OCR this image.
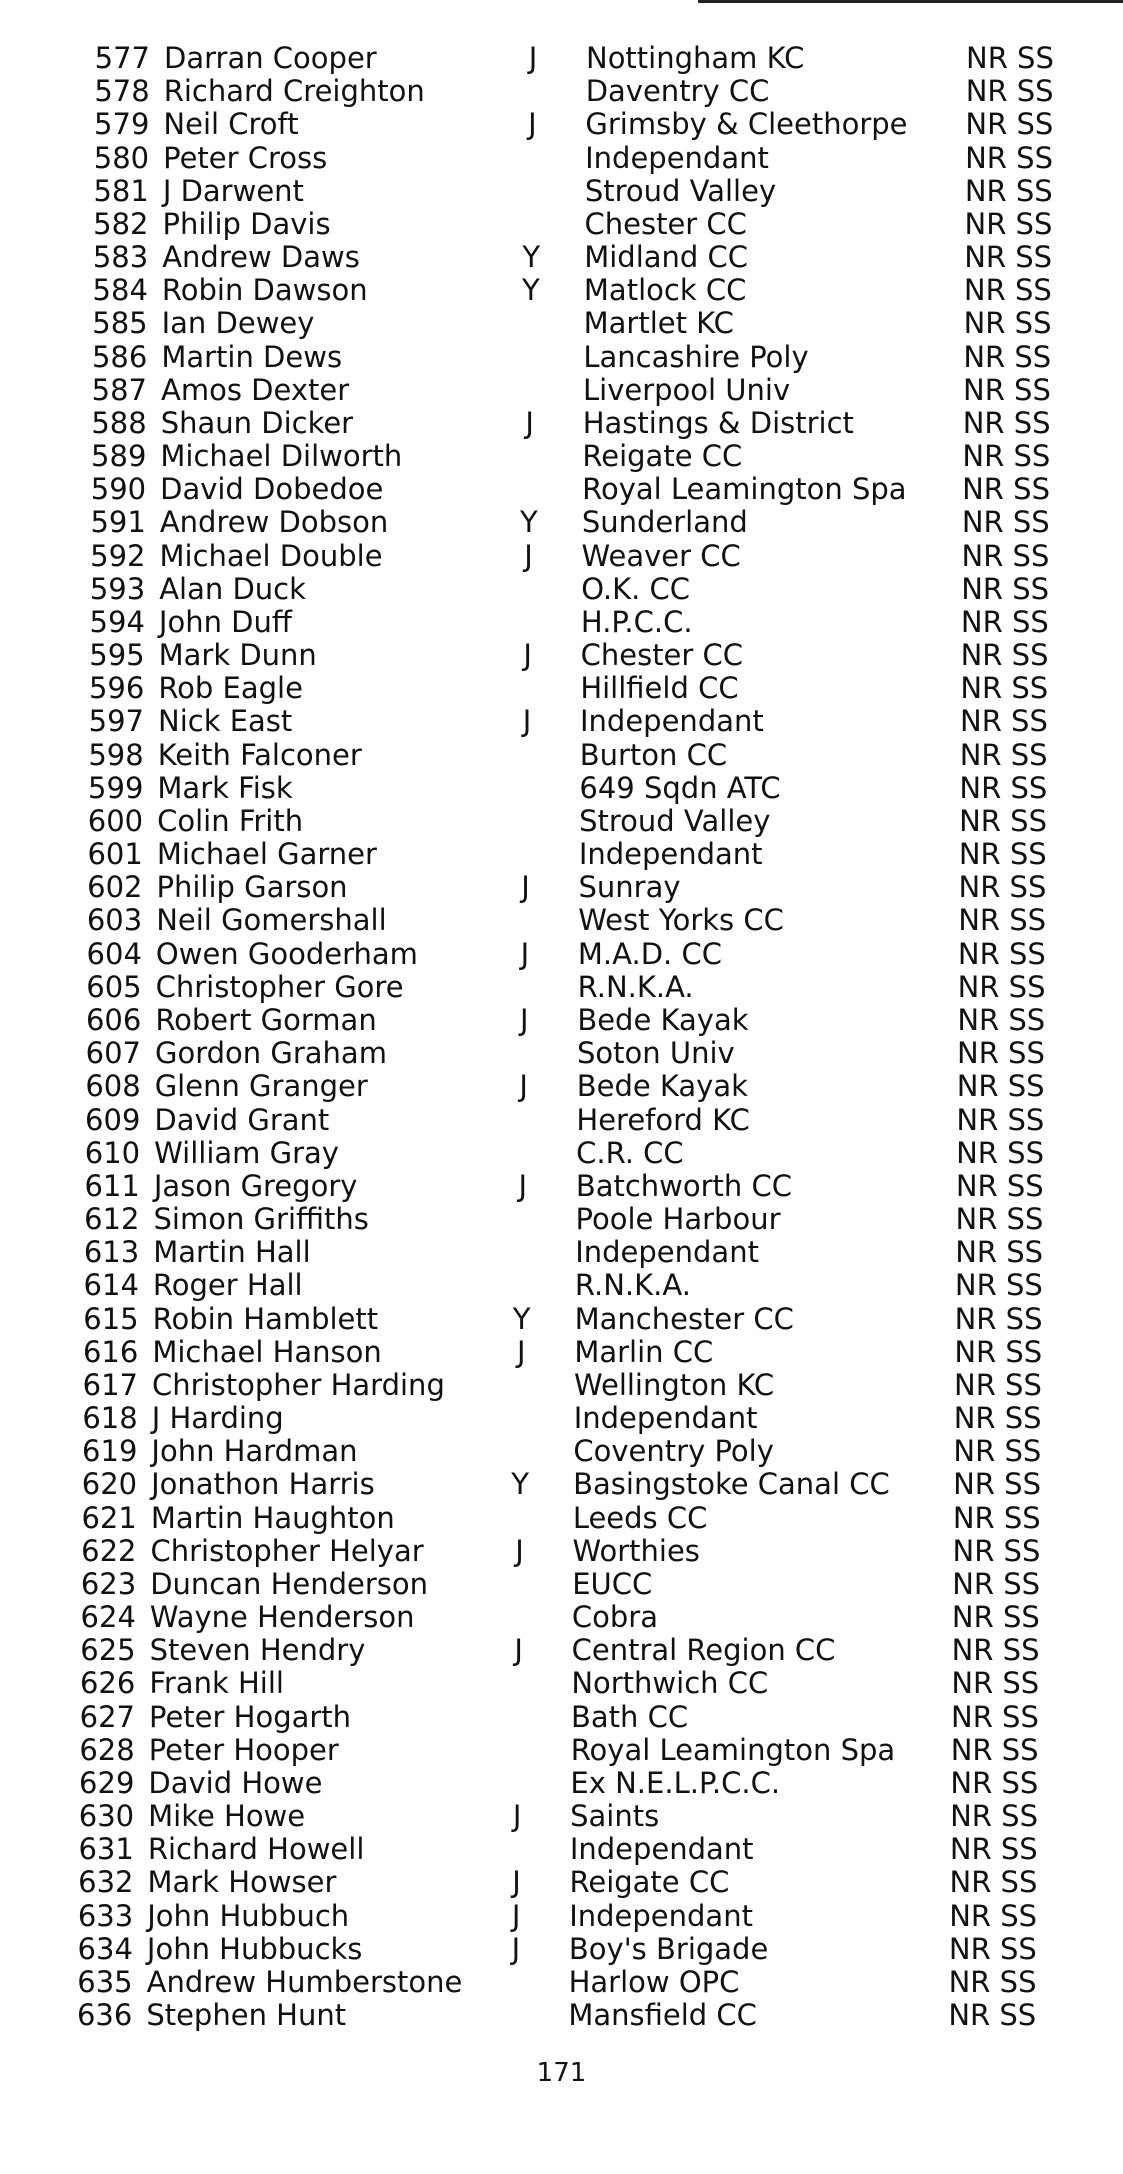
577 Darran Cooper	J	Nottingham KC	NR SS
578 Richard Creighton	Daventry CC	NR SS
579 Neil Croft	J	Grimsby & Cleethorpe NR SS
580 Peter Cross	Independant	NR SS
581 J Darwent	Stroud Valley	NR SS
582 Philip Davis	Chester CC	NR SS
583 Andrew Daws	Y	Midland CC	NR SS
584 Robin Dawson	Y	Matlock CC	NR SS
585 Ian Dewey	Martlet KC	NR SS
586 Martin Dews	Lancashire Poly	NR SS
587 Amos Dexter	Liverpool Univ	NR SS
588 Shaun Dicker	J	Hastings & District	NR SS
589 Michael Dilworth	Reigate CC	NR SS
590 David Dobedoe	Royal Leamington Spa NR SS
591 Andrew Dobson	Y	Sunderland	NR SS
592 Michael Double	J	Weaver CC	NR SS
593 Alan Duck	O.K. CC	NR SS
594 John Duff	H.P.C.C.	NR SS
595 Mark Dunn	J	Chester CC	NR SS
596 Rob Eagle	Hillfield CC	NR SS
597 Nick East	J	Independant	NR SS
598 Keith Falconer	Burton CC	NR SS
599 Mark Fisk	649 Sqdn ATC	NR SS
600 Colin Frith	Stroud Valley	NR SS
601 Michael Garner	Independant	NR SS
602 Philip Garson	J	Sunray	NR SS
603 Neil Gomershall	West Yorks CC	NR SS
604 Owen Gooderham	J	M.A.D. CC	NR SS
605 Christopher Gore	R.N.K.A.	NR SS
606 Robert Gorman	J	Bede Kayak	NR SS
607 Gordon Graham	Soton Univ	NR SS
608 Glenn Granger	J	Bede Kayak	NR SS
609 David Grant	Hereford KC	NR SS
610 William Gray	C.R. CC	NR SS
611 Jason Gregory	J	Batchworth CC	NR SS
612 Simon Griffiths	Poole Harbour	NR SS
613 Martin Hall	Independant	NR SS
614 Roger Hall	R.N.K.A.	NR SS
615 Robin Hamblett	Y	Manchester CC	NR SS
616 Michael Hanson	J	Marlin CC	NR SS
617 Christopher Harding	Wellington KC	NR SS
618 J Harding	Independant	NR SS
619 John Hardman	Coventry Poly	NR SS
620 Jonathon Harris	Y	Basingstoke Canal CC NR SS
621 Martin Haughton	Leeds CC	NR SS
622 Christopher Helyar	J	Worthies	NR SS
623 Duncan Henderson	EUCC	NR SS
624 Wayne Henderson	Cobra	NR SS
625 Steven Hendry	J	Central Region CC	NR SS
626 Frank Hill	Northwich CC	NR SS
627 Peter Hogarth	Bath CC	NR SS
628 Peter Hooper	Royal Leamington Spa NR SS
629 David Howe	Ex N.E.L.P.C.C.	NR SS
630 Mike Howe	J	Saints	NR SS
631 Richard Howell	Independant	NR SS
632 Mark Howser	J	Reigate CC	NR SS
633 John Hubbuch	J	Independant	NR SS
634 John Hubbucks	J	Boy's Brigade	NR SS
635 Andrew Humberstone	Harlow OPC	NR SS
636 Stephen Hunt	Mansfield CC	NR SS
171
